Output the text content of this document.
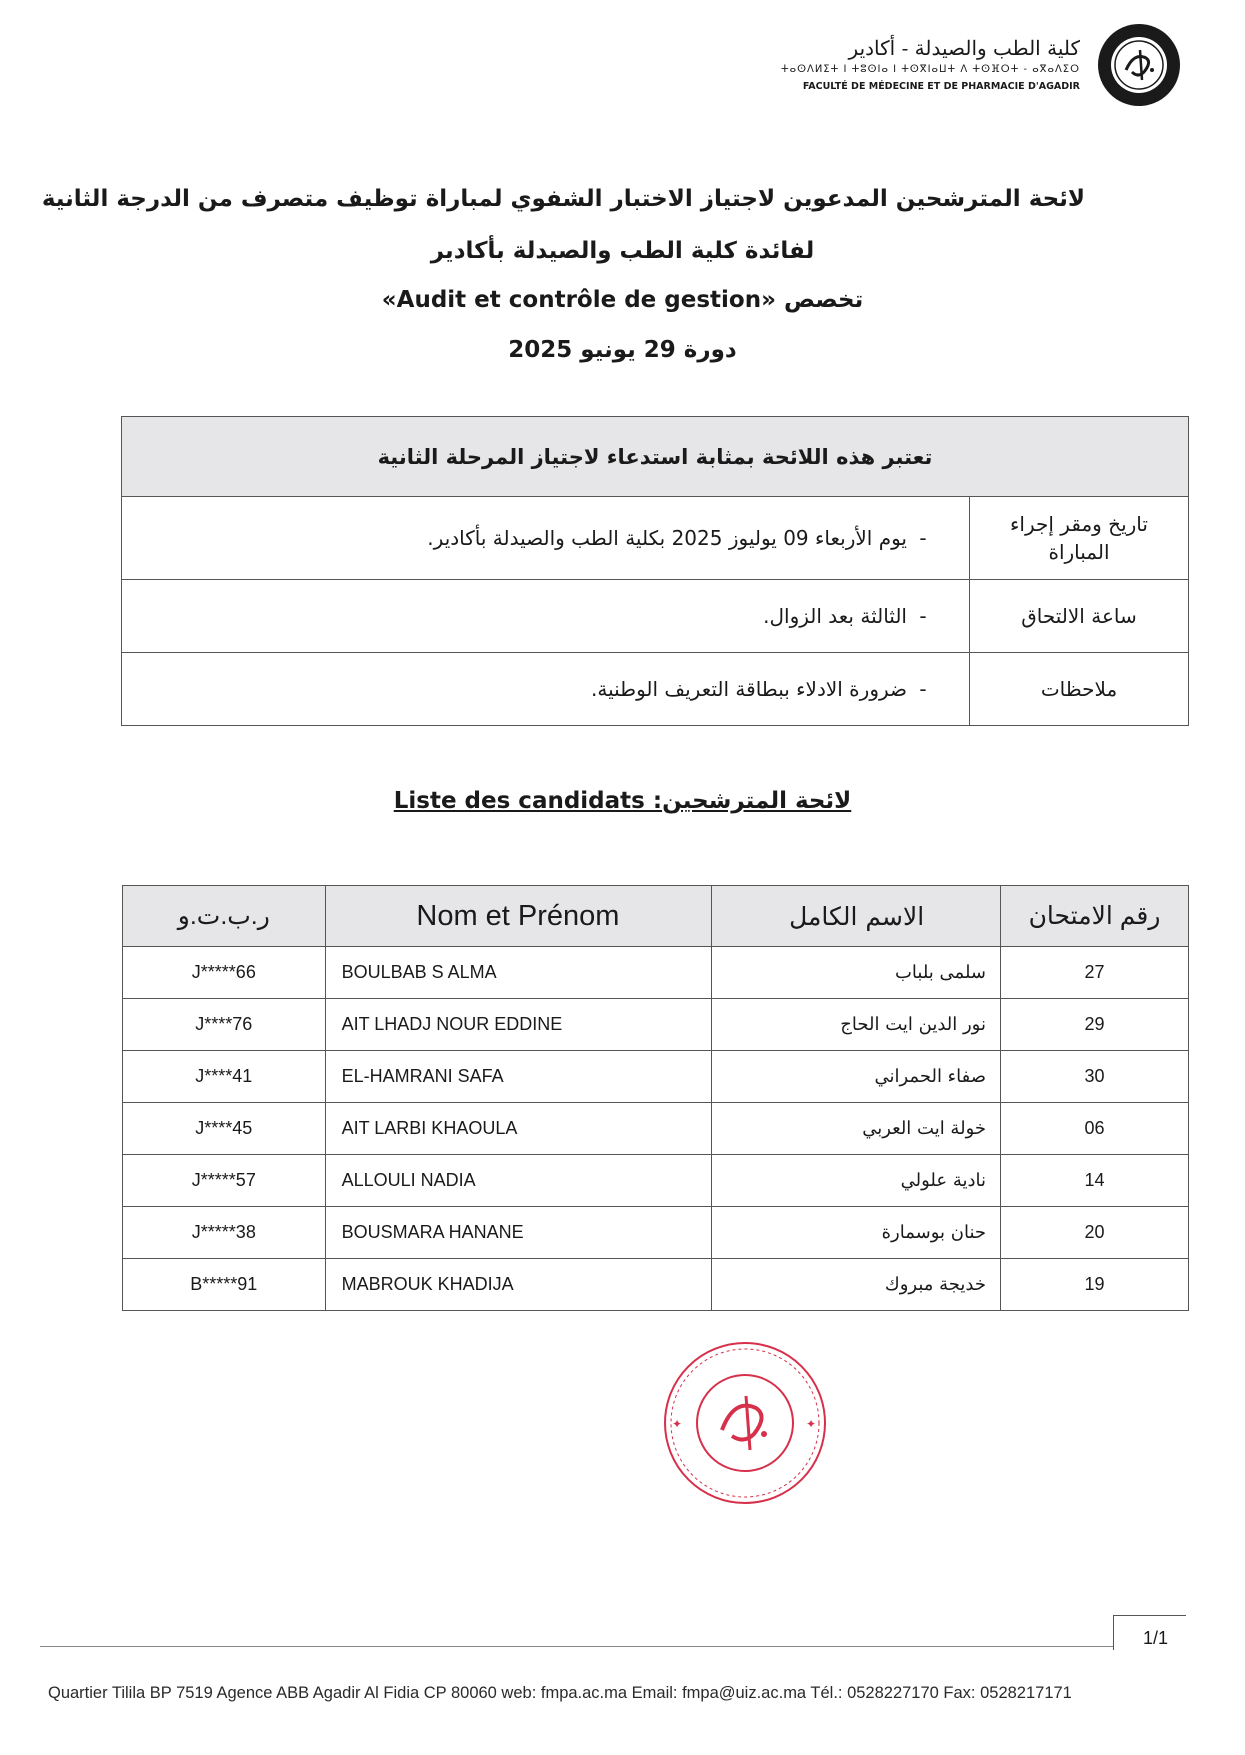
كلية الطب والصيدلة - أكادير
ⵜⴰⵙⴷⵍⵉⵜ ⵏ ⵜⵓⵙⵏⴰ ⵏ ⵜⵙⴳⵏⴰⵡⵜ ⴷ ⵜⵙⴼⵔⵜ - ⴰⴳⴰⴷⵉⵔ
FACULTÉ DE MÉDECINE ET DE PHARMACIE D'AGADIR
لائحة المترشحين المدعوين لاجتياز الاختبار الشفوي لمباراة توظيف متصرف من الدرجة الثانية
لفائدة كلية الطب والصيدلة بأكادير
تخصص «Audit et contrôle de gestion»
دورة 29 يونيو 2025
تعتبر هذه اللائحة بمثابة استدعاء لاجتياز المرحلة الثانية	
-يوم الأربعاء 09 يوليوز 2025 بكلية الطب والصيدلة بأكادير.	تاريخ ومقر إجراء المباراة
-الثالثة بعد الزوال.	ساعة الالتحاق
-ضرورة الادلاء ببطاقة التعريف الوطنية.	ملاحظات
Liste des candidats :لائحة المترشحين
ر.ب.ت.و	Nom et Prénom	الاسم الكامل	رقم الامتحان
J*****66	BOULBAB S ALMA	سلمى بلباب	27
J****76	AIT LHADJ NOUR EDDINE	نور الدين ايت الحاج	29
J****41	EL-HAMRANI SAFA	صفاء الحمراني	30
J****45	AIT LARBI KHAOULA	خولة ايت العربي	06
J*****57	ALLOULI NADIA	نادية علولي	14
J*****38	BOUSMARA HANANE	حنان بوسمارة	20
B*****91	MABROUK KHADIJA	خديجة مبروك	19
✦	✦
1/1
Quartier Tilila BP 7519 Agence ABB Agadir Al Fidia CP 80060 web: fmpa.ac.ma Email: fmpa@uiz.ac.ma Tél.: 0528227170 Fax: 0528217171
